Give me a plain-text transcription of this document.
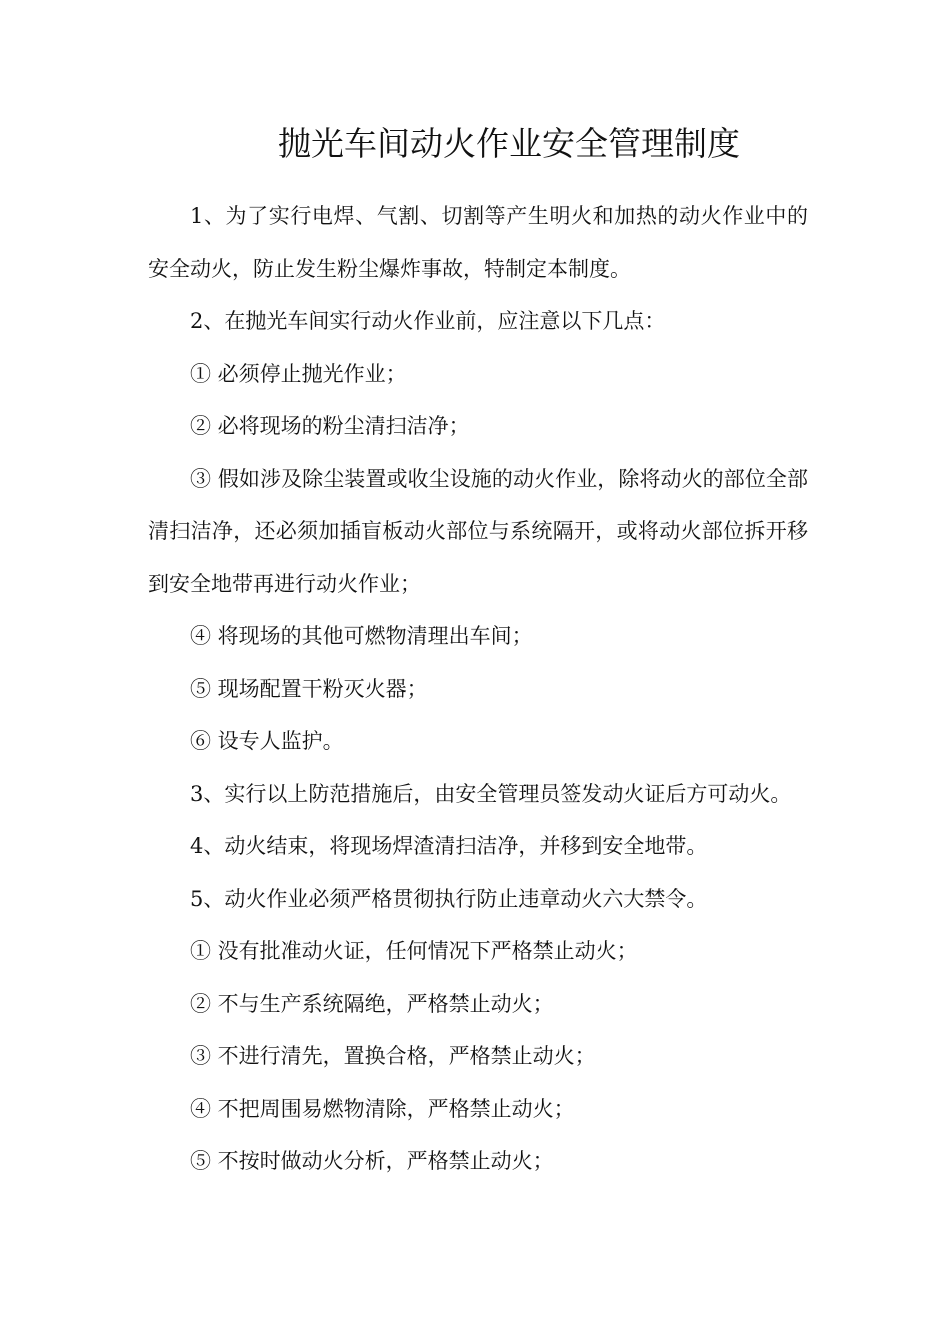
抛光车间动火作业安全管理制度

1、为了实行电焊、气割、切割等产生明火和加热的动火作业中的安全动火，防止发生粉尘爆炸事故，特制定本制度。

2、在抛光车间实行动火作业前，应注意以下几点：

① 必须停止抛光作业；

② 必将现场的粉尘清扫洁净；

③ 假如涉及除尘装置或收尘设施的动火作业，除将动火的部位全部清扫洁净，还必须加插盲板动火部位与系统隔开，或将动火部位拆开移到安全地带再进行动火作业；

④ 将现场的其他可燃物清理出车间；

⑤ 现场配置干粉灭火器；

⑥ 设专人监护。

3、实行以上防范措施后，由安全管理员签发动火证后方可动火。

4、动火结束，将现场焊渣清扫洁净，并移到安全地带。

5、动火作业必须严格贯彻执行防止违章动火六大禁令。

① 没有批准动火证，任何情况下严格禁止动火；

② 不与生产系统隔绝，严格禁止动火；

③ 不进行清先，置换合格，严格禁止动火；

④ 不把周围易燃物清除，严格禁止动火；

⑤ 不按时做动火分析，严格禁止动火；
